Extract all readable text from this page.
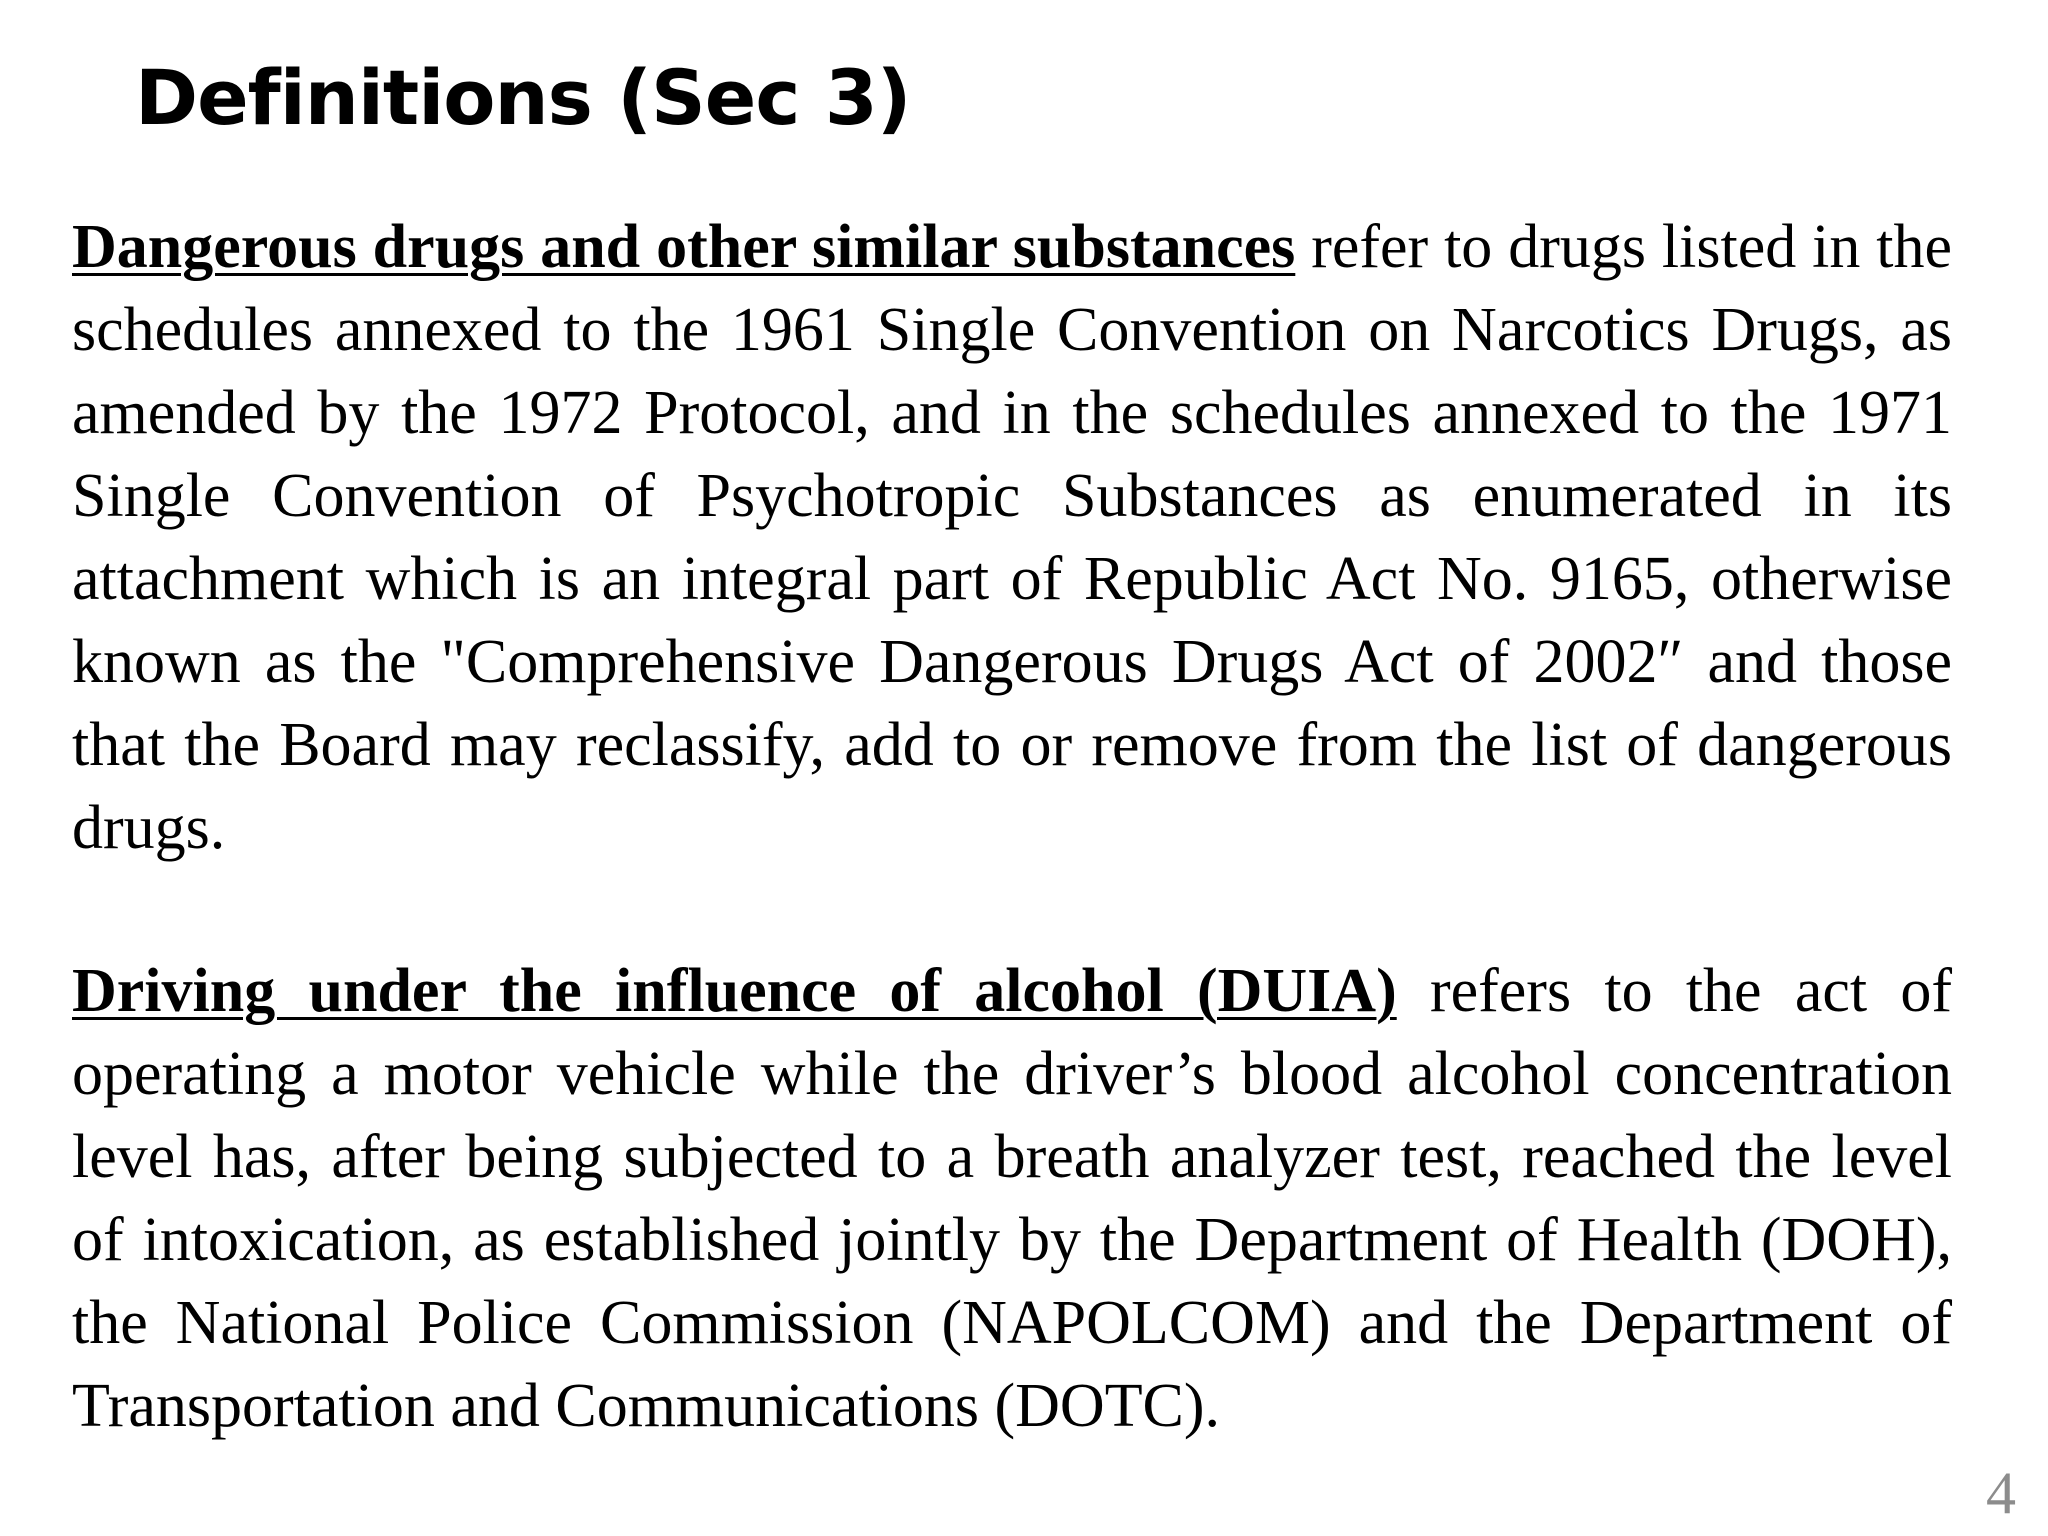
Definitions (Sec 3)

Dangerous drugs and other similar substances refer to drugs listed in the schedules annexed to the 1961 Single Convention on Narcotics Drugs, as amended by the 1972 Protocol, and in the schedules annexed to the 1971 Single Convention of Psychotropic Substances as enumerated in its attachment which is an integral part of Republic Act No. 9165, otherwise known as the "Comprehensive Dangerous Drugs Act of 2002″ and those that the Board may reclassify, add to or remove from the list of dangerous drugs.

Driving under the influence of alcohol (DUIA) refers to the act of operating a motor vehicle while the driver’s blood alcohol concentration level has, after being subjected to a breath analyzer test, reached the level of intoxication, as established jointly by the Department of Health (DOH), the National Police Commission (NAPOLCOM) and the Department of Transportation and Communications (DOTC).

4
